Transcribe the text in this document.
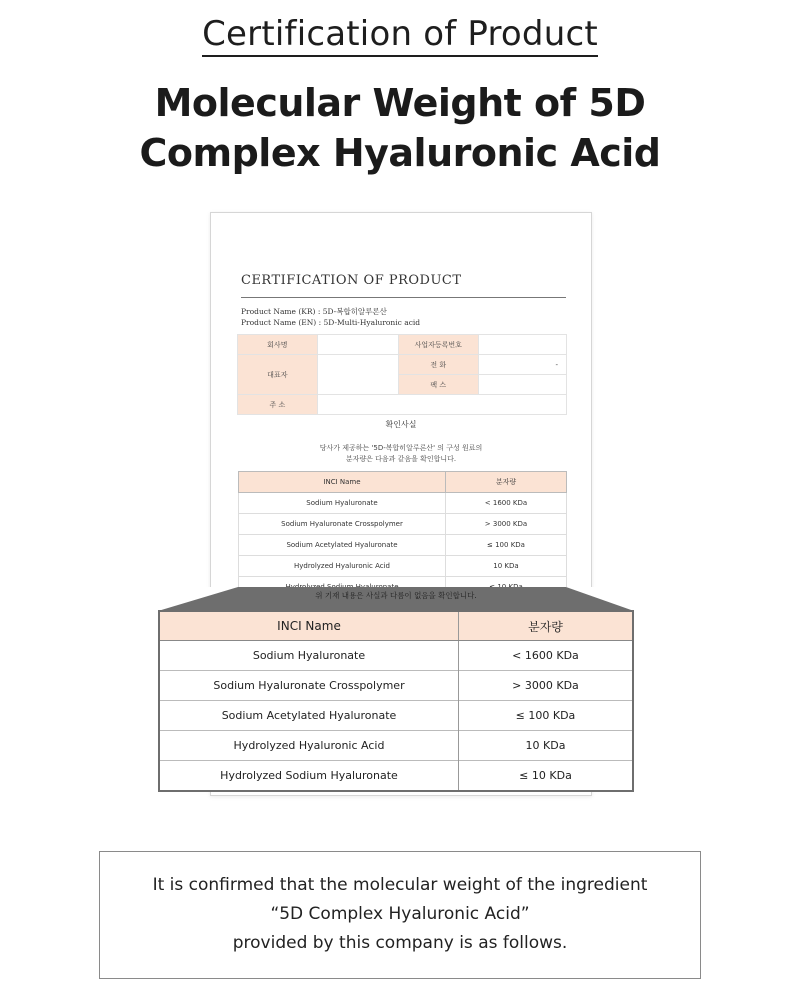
Certification of Product
Molecular Weight of 5D
Complex Hyaluronic Acid
CERTIFICATION OF PRODUCT
Product Name (KR) : 5D-복합히알루론산
Product Name (EN) : 5D-Multi-Hyaluronic acid
회사명		사업자등록번호	
대표자		전 화	-
		팩 스	
주 소			
확인사실
당사가 제공하는 '5D-복합히알루론산' 의 구성 원료의
분자량은 다음과 같음을 확인합니다.
INCI Name	분자량
Sodium Hyaluronate	< 1600 KDa
Sodium Hyaluronate Crosspolymer	> 3000 KDa
Sodium Acetylated Hyaluronate	≤ 100 KDa
Hydrolyzed Hyaluronic Acid	10 KDa

위 기재 내용은 사실과 다름이 없음을 확인합니다.
INCI Name	분자량
Sodium Hyaluronate	< 1600 KDa
Sodium Hyaluronate Crosspolymer	> 3000 KDa
Sodium Acetylated Hyaluronate	≤ 100 KDa
Hydrolyzed Hyaluronic Acid	10 KDa
Hydrolyzed Sodium Hyaluronate	≤ 10 KDa
It is confirmed that the molecular weight of the ingredient
“5D Complex Hyaluronic Acid”
provided by this company is as follows.
